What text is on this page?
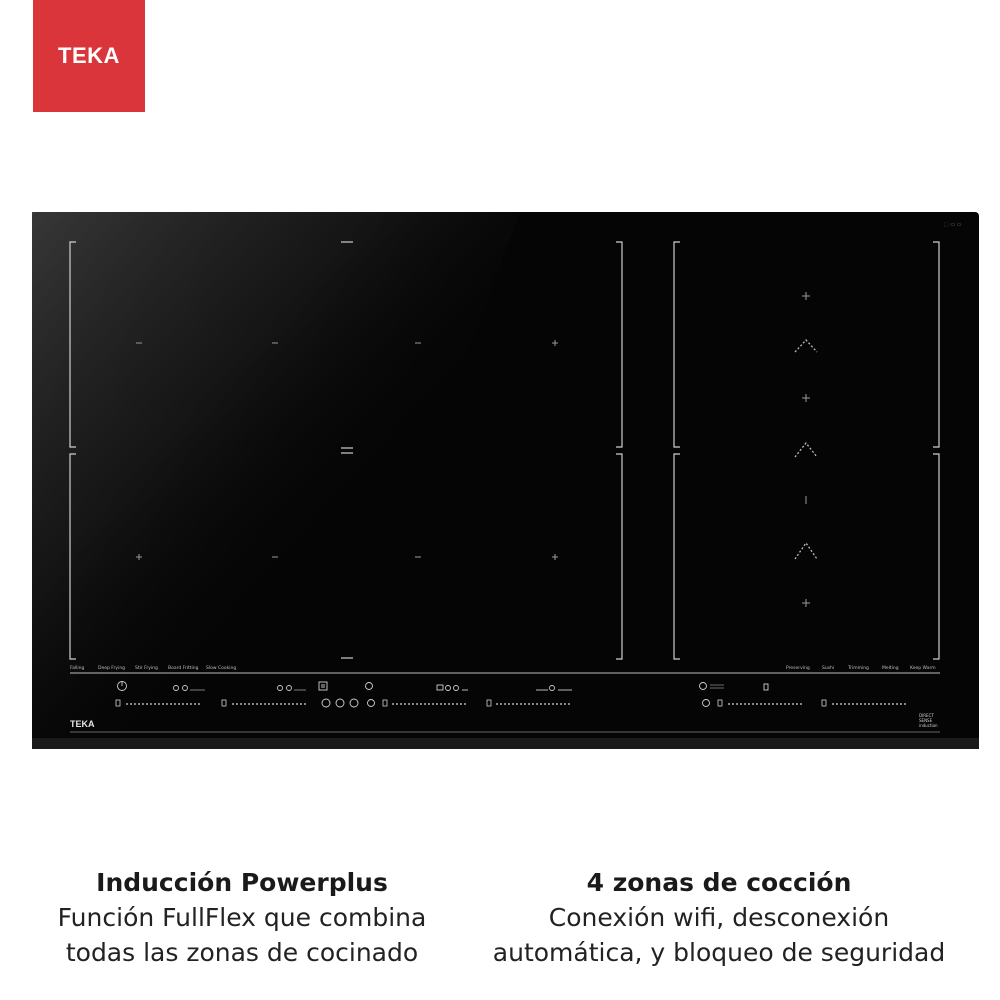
TEKA
⬚ ▭ ▭
Falling	Deep Frying Stir Frying Board Fritting Slow Cooking	Preserving	Sushi	Trimming	Melting	Keep Warm
TEKA
DIRECT
SENSE
induction
Inducción Powerplus
Función FullFlex que combina
todas las zonas de cocinado
4 zonas de cocción
Conexión wifi, desconexión
automática, y bloqueo de seguridad
